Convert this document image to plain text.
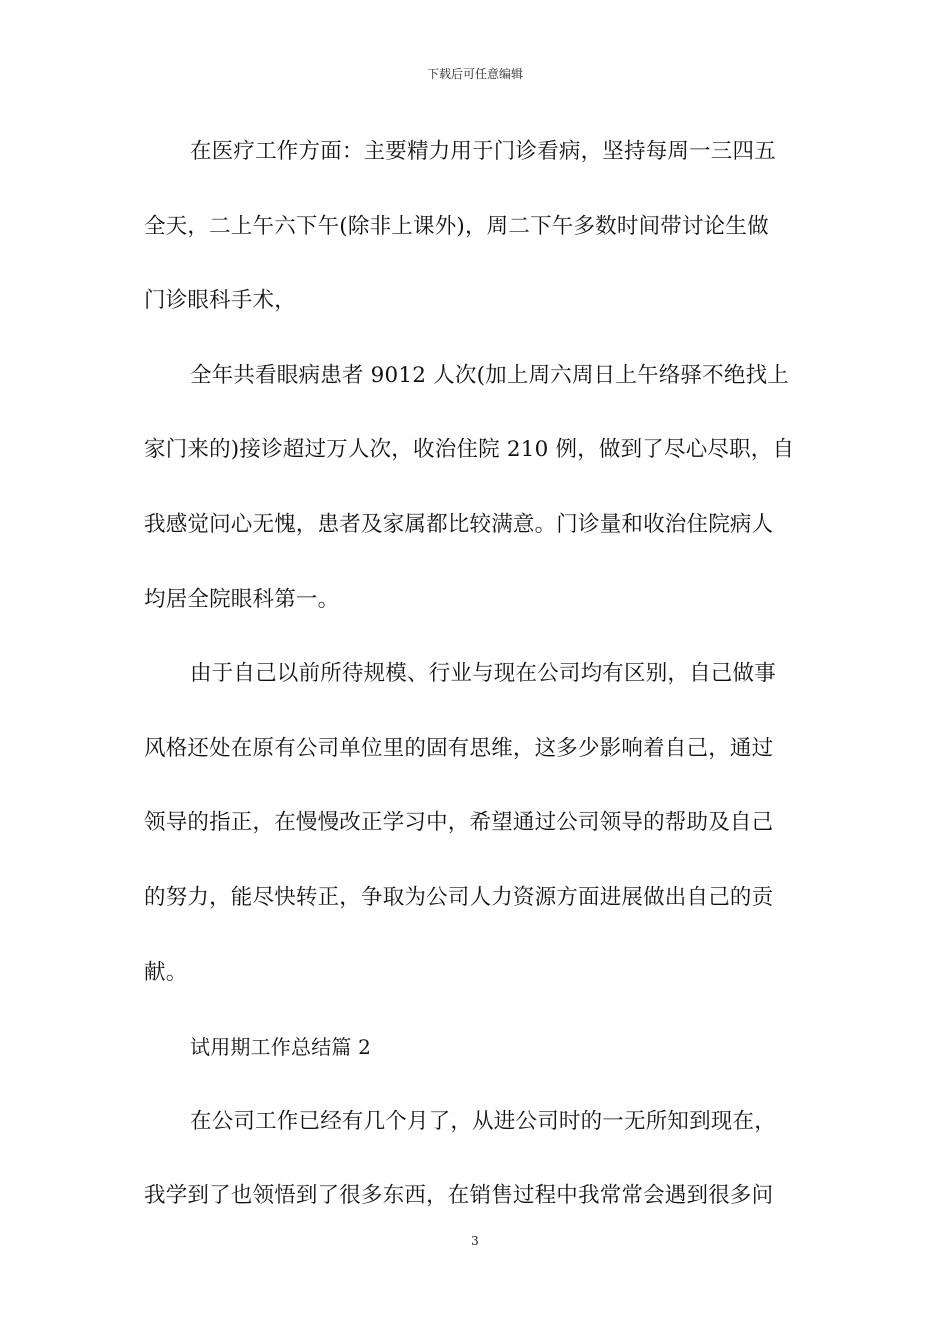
下载后可任意编辑
在医疗工作方面：主要精力用于门诊看病，坚持每周一三四五
全天，二上午六下午(除非上课外)，周二下午多数时间带讨论生做
门诊眼科手术，
全年共看眼病患者 9012 人次(加上周六周日上午络驿不绝找上
家门来的)接诊超过万人次，收治住院 210 例，做到了尽心尽职，自
我感觉问心无愧，患者及家属都比较满意。门诊量和收治住院病人
均居全院眼科第一。
由于自己以前所待规模、行业与现在公司均有区别，自己做事
风格还处在原有公司单位里的固有思维，这多少影响着自己，通过
领导的指正，在慢慢改正学习中，希望通过公司领导的帮助及自己
的努力，能尽快转正，争取为公司人力资源方面进展做出自己的贡
献。
试用期工作总结篇 2
在公司工作已经有几个月了，从进公司时的一无所知到现在，
我学到了也领悟到了很多东西，在销售过程中我常常会遇到很多问
3
